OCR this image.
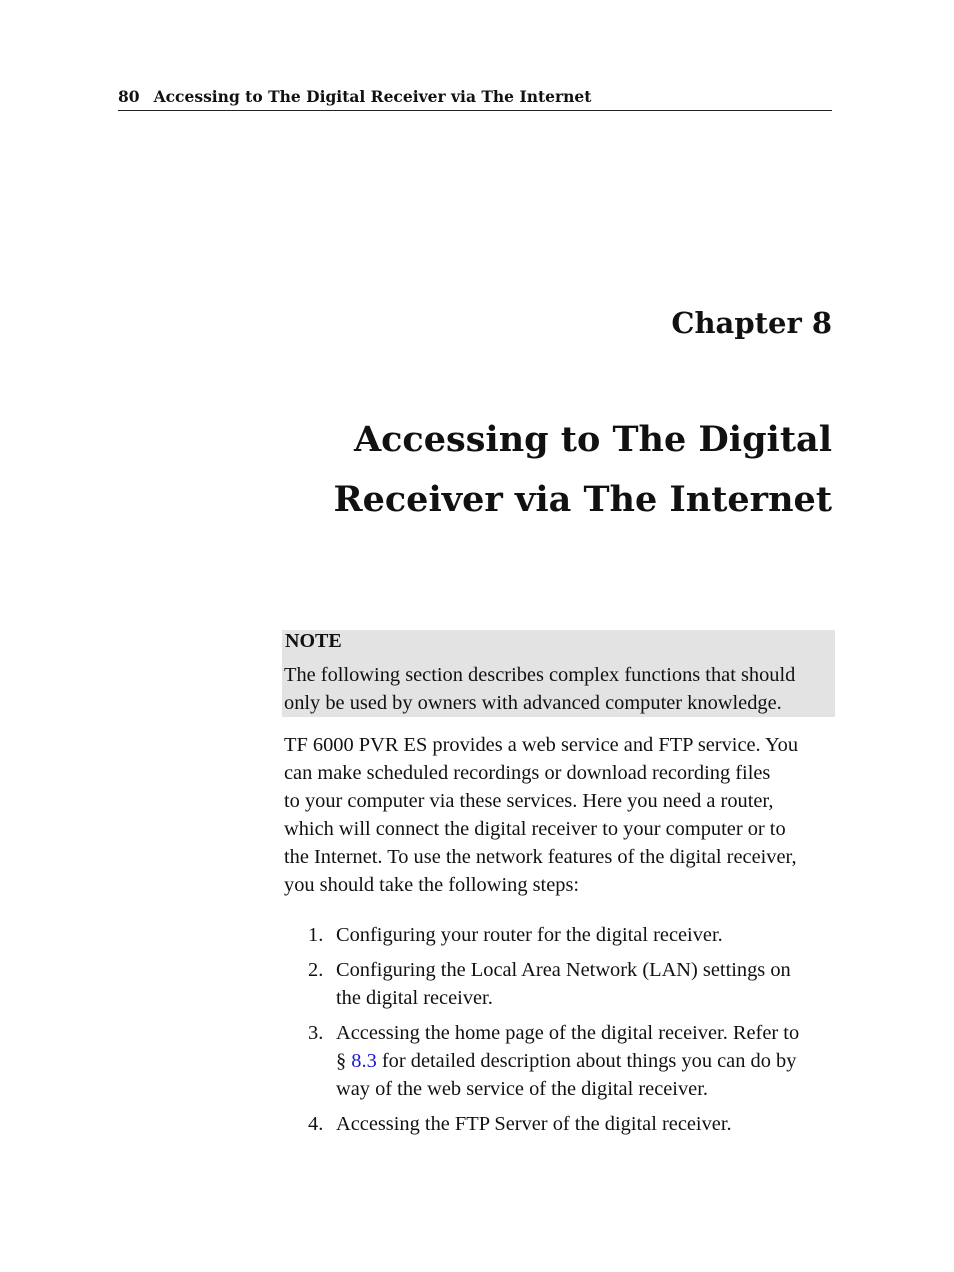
80 Accessing to The Digital Receiver via The Internet
Chapter 8
Accessing to The Digital
Receiver via The Internet
NOTE
The following section describes complex functions that should only be used by owners with advanced computer knowledge.
TF 6000 PVR ES provides a web service and FTP service. You
can make scheduled recordings or download recording files
to your computer via these services. Here you need a router,
which will connect the digital receiver to your computer or to
the Internet. To use the network features of the digital receiver,
you should take the following steps:
1. Configuring your router for the digital receiver.
2. Configuring the Local Area Network (LAN) settings on
the digital receiver.
3. Accessing the home page of the digital receiver. Refer to
§ 8.3 for detailed description about things you can do by
way of the web service of the digital receiver.
4. Accessing the FTP Server of the digital receiver.
